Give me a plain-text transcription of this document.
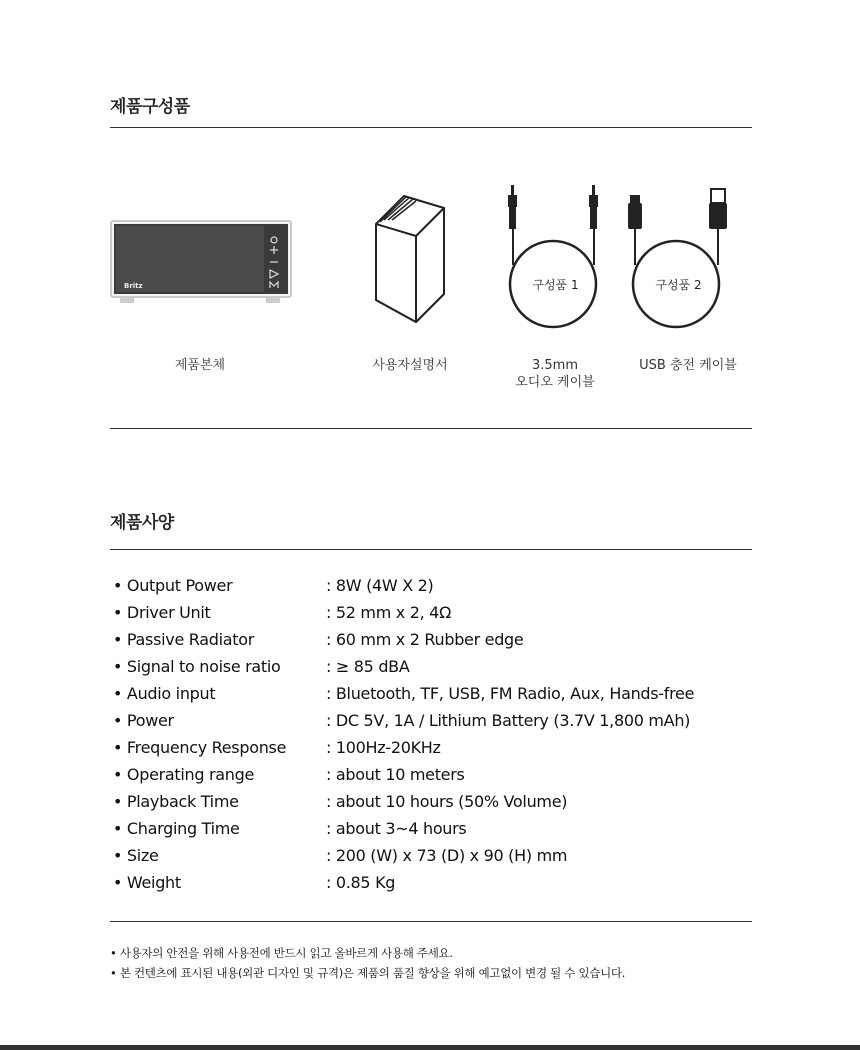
제품구성품
Britz	구성품 1	구성품 2
제품본체	사용자설명서	3.5mm
오디오 케이블
USB 충전 케이블
제품사양
• Output Power	: 8W (4W X 2)
• Driver Unit	: 52 mm x 2, 4Ω
• Passive Radiator	: 60 mm x 2 Rubber edge
• Signal to noise ratio	: ≥ 85 dBA
• Audio input	: Bluetooth, TF, USB, FM Radio, Aux, Hands-free
• Power	: DC 5V, 1A / Lithium Battery (3.7V 1,800 mAh)
• Frequency Response : 100Hz-20KHz
• Operating range	: about 10 meters
• Playback Time	: about 10 hours (50% Volume)
• Charging Time	: about 3~4 hours
• Size	: 200 (W) x 73 (D) x 90 (H) mm
• Weight	: 0.85 Kg
• 사용자의 안전을 위해 사용전에 반드시 읽고 올바르게 사용해 주세요.
• 본 컨텐츠에 표시된 내용(외관 디자인 및 규격)은 제품의 품질 향상을 위해 예고없이 변경 될 수 있습니다.
